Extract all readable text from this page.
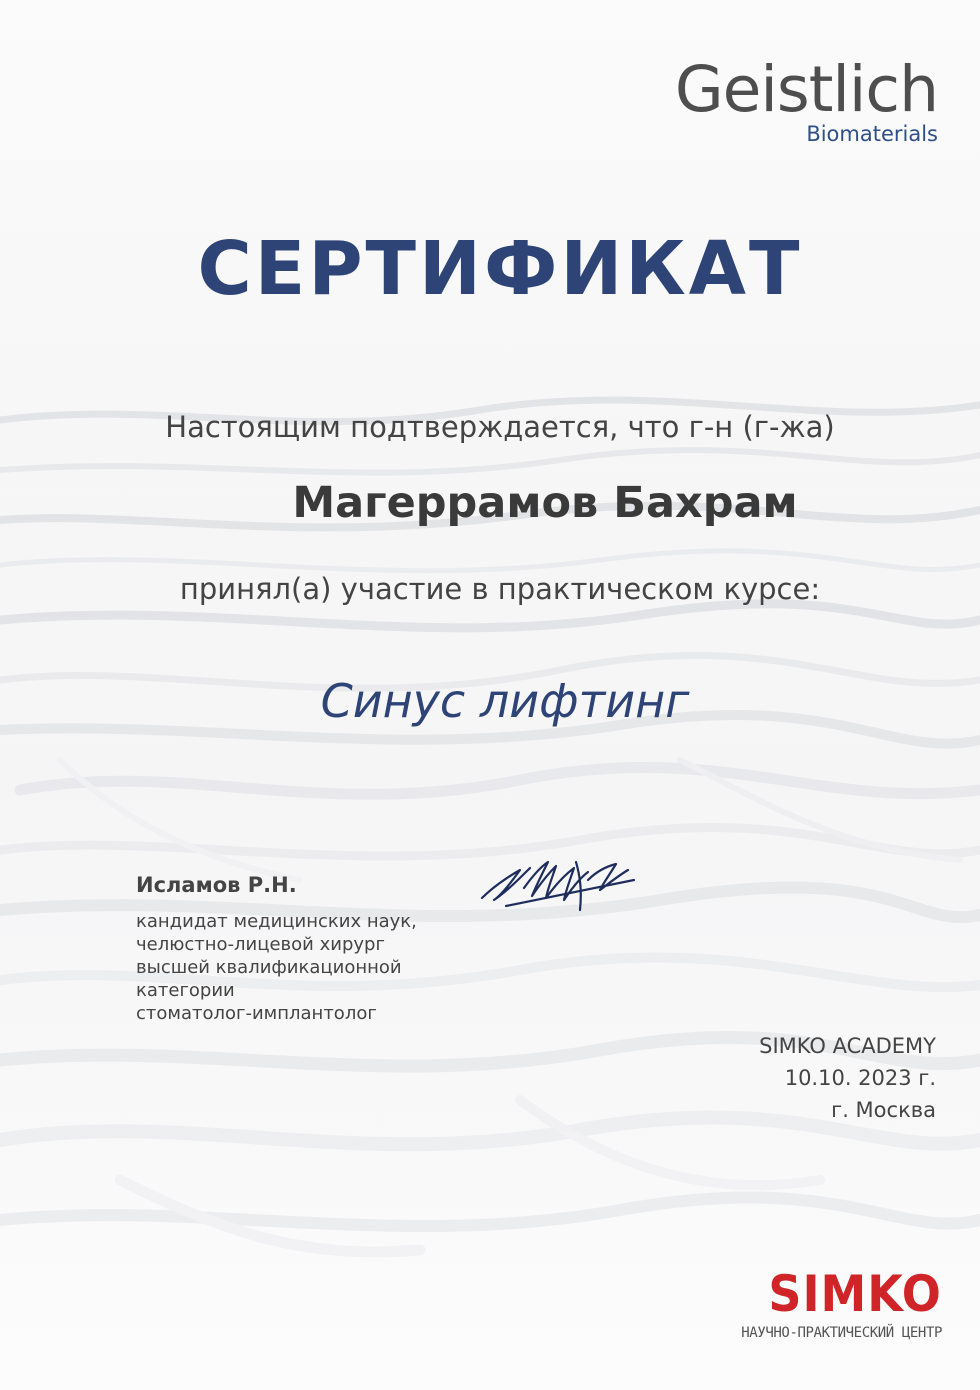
Geistlich
Biomaterials
СЕРТИФИКАТ
Настоящим подтверждается, что г-н (г-жа)
Магеррамов Бахрам
принял(а) участие в практическом курсе:
Синус лифтинг
Исламов Р.Н.
кандидат медицинских наук,
челюстно-лицевой хирург
высшей квалификационной
категории
стоматолог-имплантолог
SIMKO ACADEMY
10.10. 2023 г.
г. Москва
SIMKO
НАУЧНО-ПРАКТИЧЕСКИЙ ЦЕНТР
